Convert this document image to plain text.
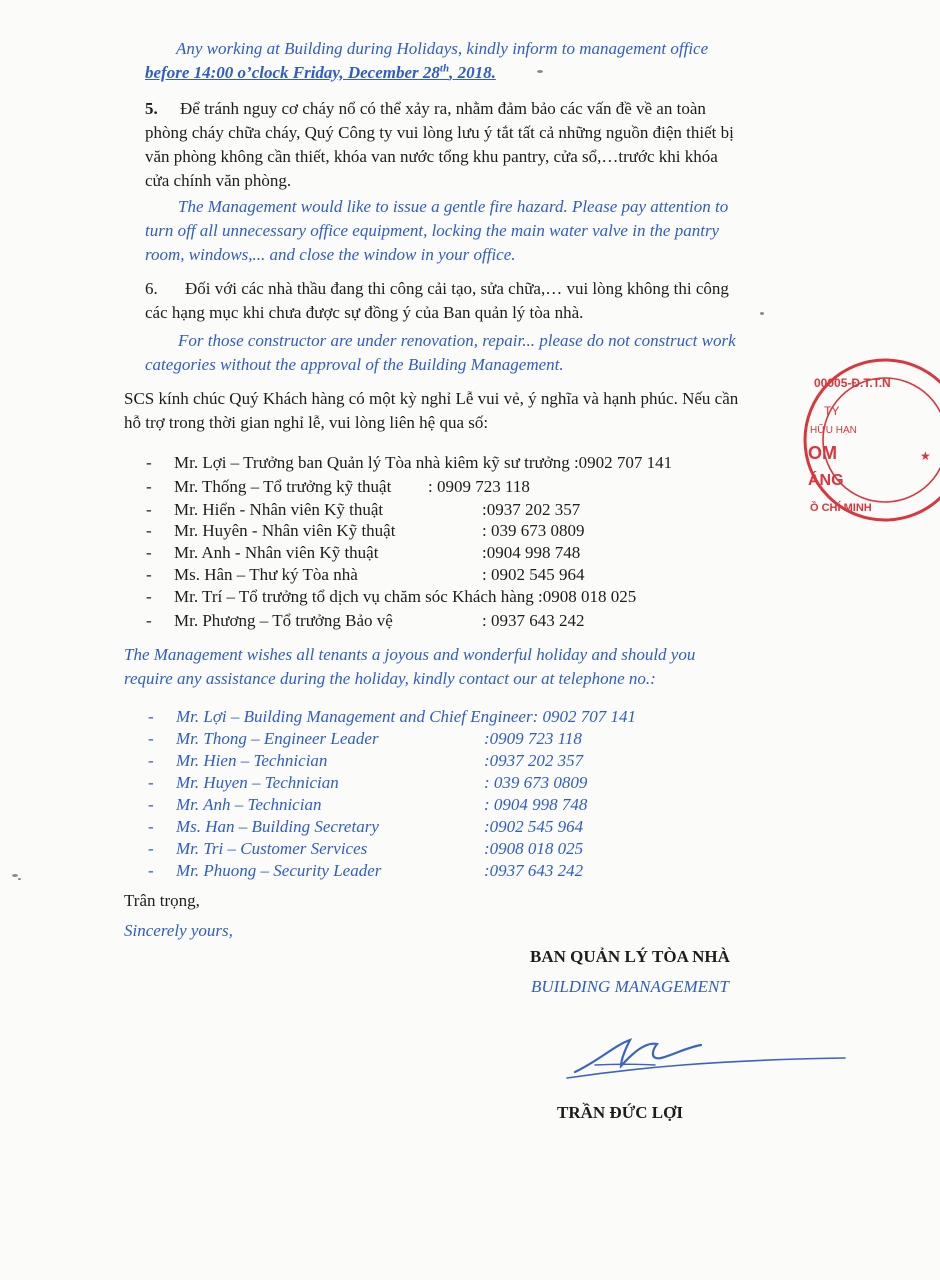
Any working at Building during Holidays, kindly inform to management office
before 14:00 o’clock Friday, December 28th, 2018.
5. Để tránh nguy cơ cháy nổ có thể xảy ra, nhằm đảm bảo các vấn đề về an toàn
phòng cháy chữa cháy, Quý Công ty vui lòng lưu ý tắt tất cả những nguồn điện thiết bị
văn phòng không cần thiết, khóa van nước tổng khu pantry, cửa sổ,…trước khi khóa
cửa chính văn phòng.
The Management would like to issue a gentle fire hazard. Please pay attention to
turn off all unnecessary office equipment, locking the main water valve in the pantry
room, windows,... and close the window in your office.
6. Đối với các nhà thầu đang thi công cải tạo, sửa chữa,… vui lòng không thi công
các hạng mục khi chưa được sự đồng ý của Ban quản lý tòa nhà.
For those constructor are under renovation, repair... please do not construct work
categories without the approval of the Building Management.
SCS kính chúc Quý Khách hàng có một kỳ nghỉ Lễ vui vẻ, ý nghĩa và hạnh phúc. Nếu cần
hỗ trợ trong thời gian nghỉ lễ, vui lòng liên hệ qua số:
- Mr. Lợi – Trưởng ban Quản lý Tòa nhà kiêm kỹ sư trưởng :0902 707 141
- Mr. Thống – Tổ trưởng kỹ thuật : 0909 723 118
- Mr. Hiển - Nhân viên Kỹ thuật	:0937 202 357
- Mr. Huyên - Nhân viên Kỹ thuật	: 039 673 0809
- Mr. Anh - Nhân viên Kỹ thuật	:0904 998 748
- Ms. Hân – Thư ký Tòa nhà	: 0902 545 964
- Mr. Trí – Tổ trưởng tổ dịch vụ chăm sóc Khách hàng :0908 018 025
- Mr. Phương – Tổ trưởng Bảo vệ	: 0937 643 242
The Management wishes all tenants a joyous and wonderful holiday and should you
require any assistance during the holiday, kindly contact our at telephone no.:
- Mr. Lợi – Building Management and Chief Engineer: 0902 707 141
- Mr. Thong – Engineer Leader	:0909 723 118
- Mr. Hien – Technician	:0937 202 357
- Mr. Huyen – Technician	: 039 673 0809
- Mr. Anh – Technician	: 0904 998 748
- Ms. Han – Building Secretary	:0902 545 964
- Mr. Tri – Customer Services	:0908 018 025
- Mr. Phuong – Security Leader	:0937 643 242
Trân trọng,
Sincerely yours,
BAN QUẢN LÝ TÒA NHÀ
BUILDING MANAGEMENT
TRẦN ĐỨC LỢI
00005-Đ.T.T.N
TY
HỮU HẠN
OM
ÁNG
Ồ CHÍ MINH
★
